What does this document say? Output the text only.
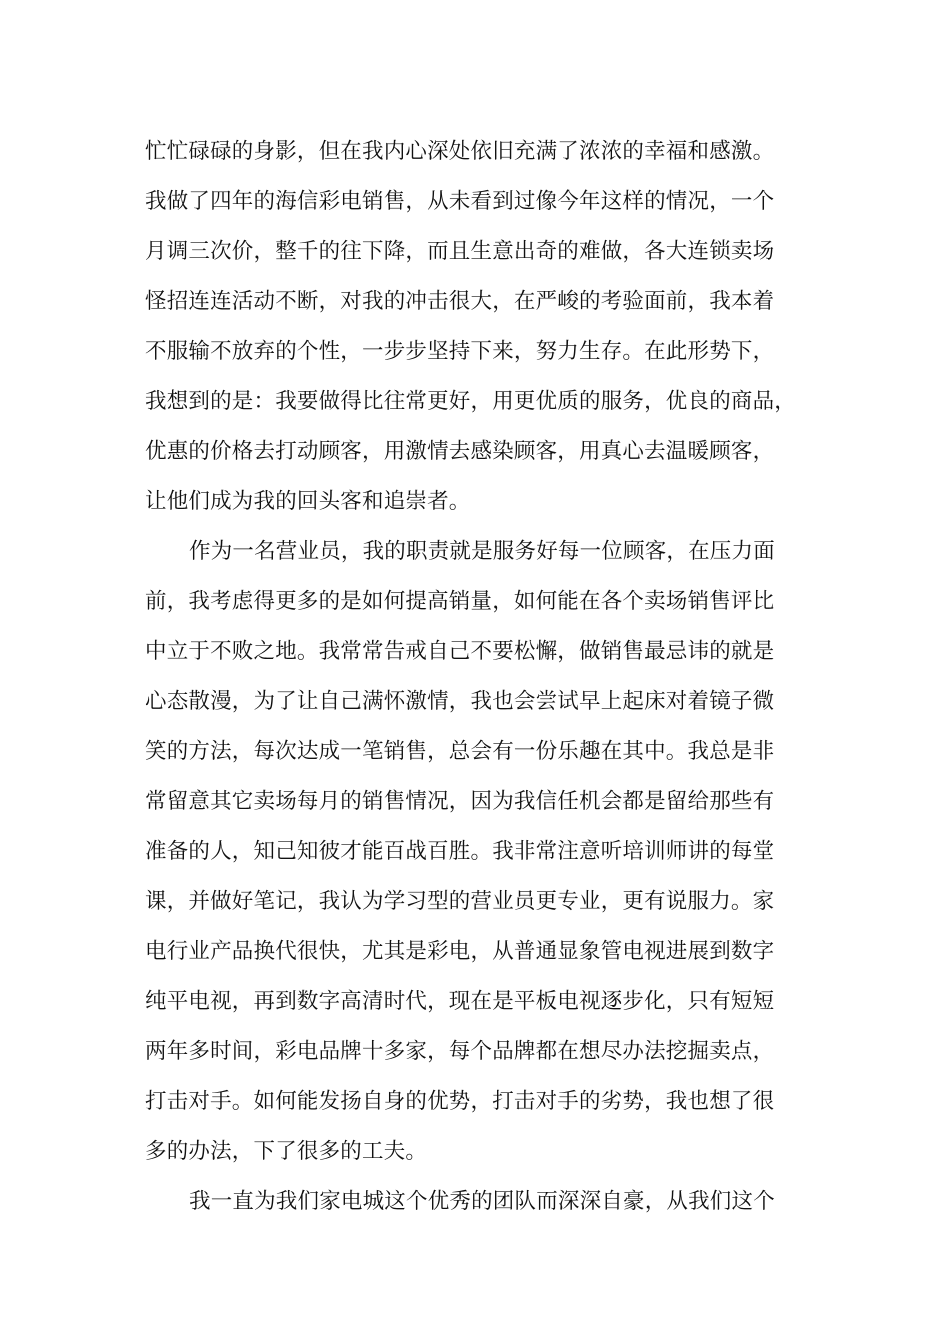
忙忙碌碌的身影，但在我内心深处依旧充满了浓浓的幸福和感激。
我做了四年的海信彩电销售，从未看到过像今年这样的情况，一个
月调三次价，整千的往下降，而且生意出奇的难做，各大连锁卖场
怪招连连活动不断，对我的冲击很大，在严峻的考验面前，我本着
不服输不放弃的个性，一步步坚持下来，努力生存。在此形势下，
我想到的是：我要做得比往常更好，用更优质的服务，优良的商品，
优惠的价格去打动顾客，用激情去感染顾客，用真心去温暖顾客，
让他们成为我的回头客和追崇者。
作为一名营业员，我的职责就是服务好每一位顾客，在压力面
前，我考虑得更多的是如何提高销量，如何能在各个卖场销售评比
中立于不败之地。我常常告戒自己不要松懈，做销售最忌讳的就是
心态散漫，为了让自己满怀激情，我也会尝试早上起床对着镜子微
笑的方法，每次达成一笔销售，总会有一份乐趣在其中。我总是非
常留意其它卖场每月的销售情况，因为我信任机会都是留给那些有
准备的人，知己知彼才能百战百胜。我非常注意听培训师讲的每堂
课，并做好笔记，我认为学习型的营业员更专业，更有说服力。家
电行业产品换代很快，尤其是彩电，从普通显象管电视进展到数字
纯平电视，再到数字高清时代，现在是平板电视逐步化，只有短短
两年多时间，彩电品牌十多家，每个品牌都在想尽办法挖掘卖点，
打击对手。如何能发扬自身的优势，打击对手的劣势，我也想了很
多的办法，下了很多的工夫。
我一直为我们家电城这个优秀的团队而深深自豪，从我们这个
